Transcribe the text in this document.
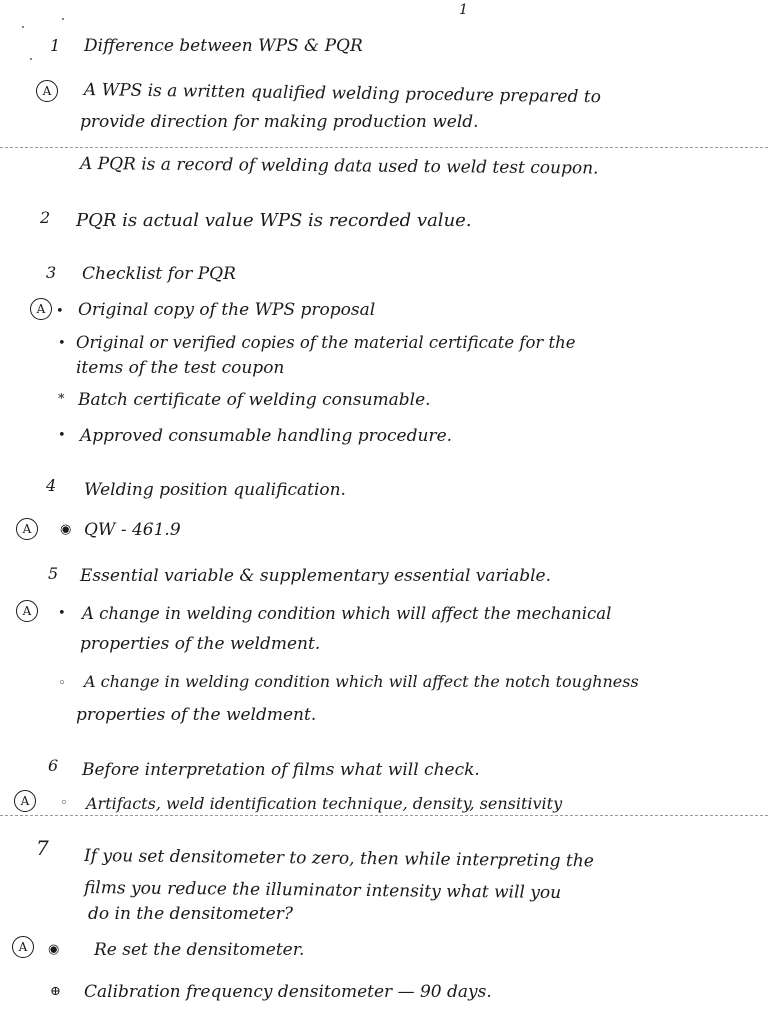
1
1 Difference between WPS & PQR
A	A WPS is a written qualified welding procedure prepared to
provide direction for making production weld.
A PQR is a record of welding data used to weld test coupon.
2 PQR is actual value WPS is recorded value.
3 Checklist for PQR
A • Original copy of the WPS proposal
• Original or verified copies of the material certificate for the
items of the test coupon
* Batch certificate of welding consumable.
• Approved consumable handling procedure.
4 Welding position qualification.
A	◉ QW - 461.9
5 Essential variable & supplementary essential variable.
A	• A change in welding condition which will affect the mechanical
properties of the weldment.
◦ A change in welding condition which will affect the notch toughness
properties of the weldment.
6 Before interpretation of films what will check.
A	◦ Artifacts, weld identification technique, density, sensitivity
7 If you set densitometer to zero, then while interpreting the
films you reduce the illuminator intensity what will you
do in the densitometer?
A	◉ Re set the densitometer.
⊕ Calibration frequency densitometer — 90 days.
